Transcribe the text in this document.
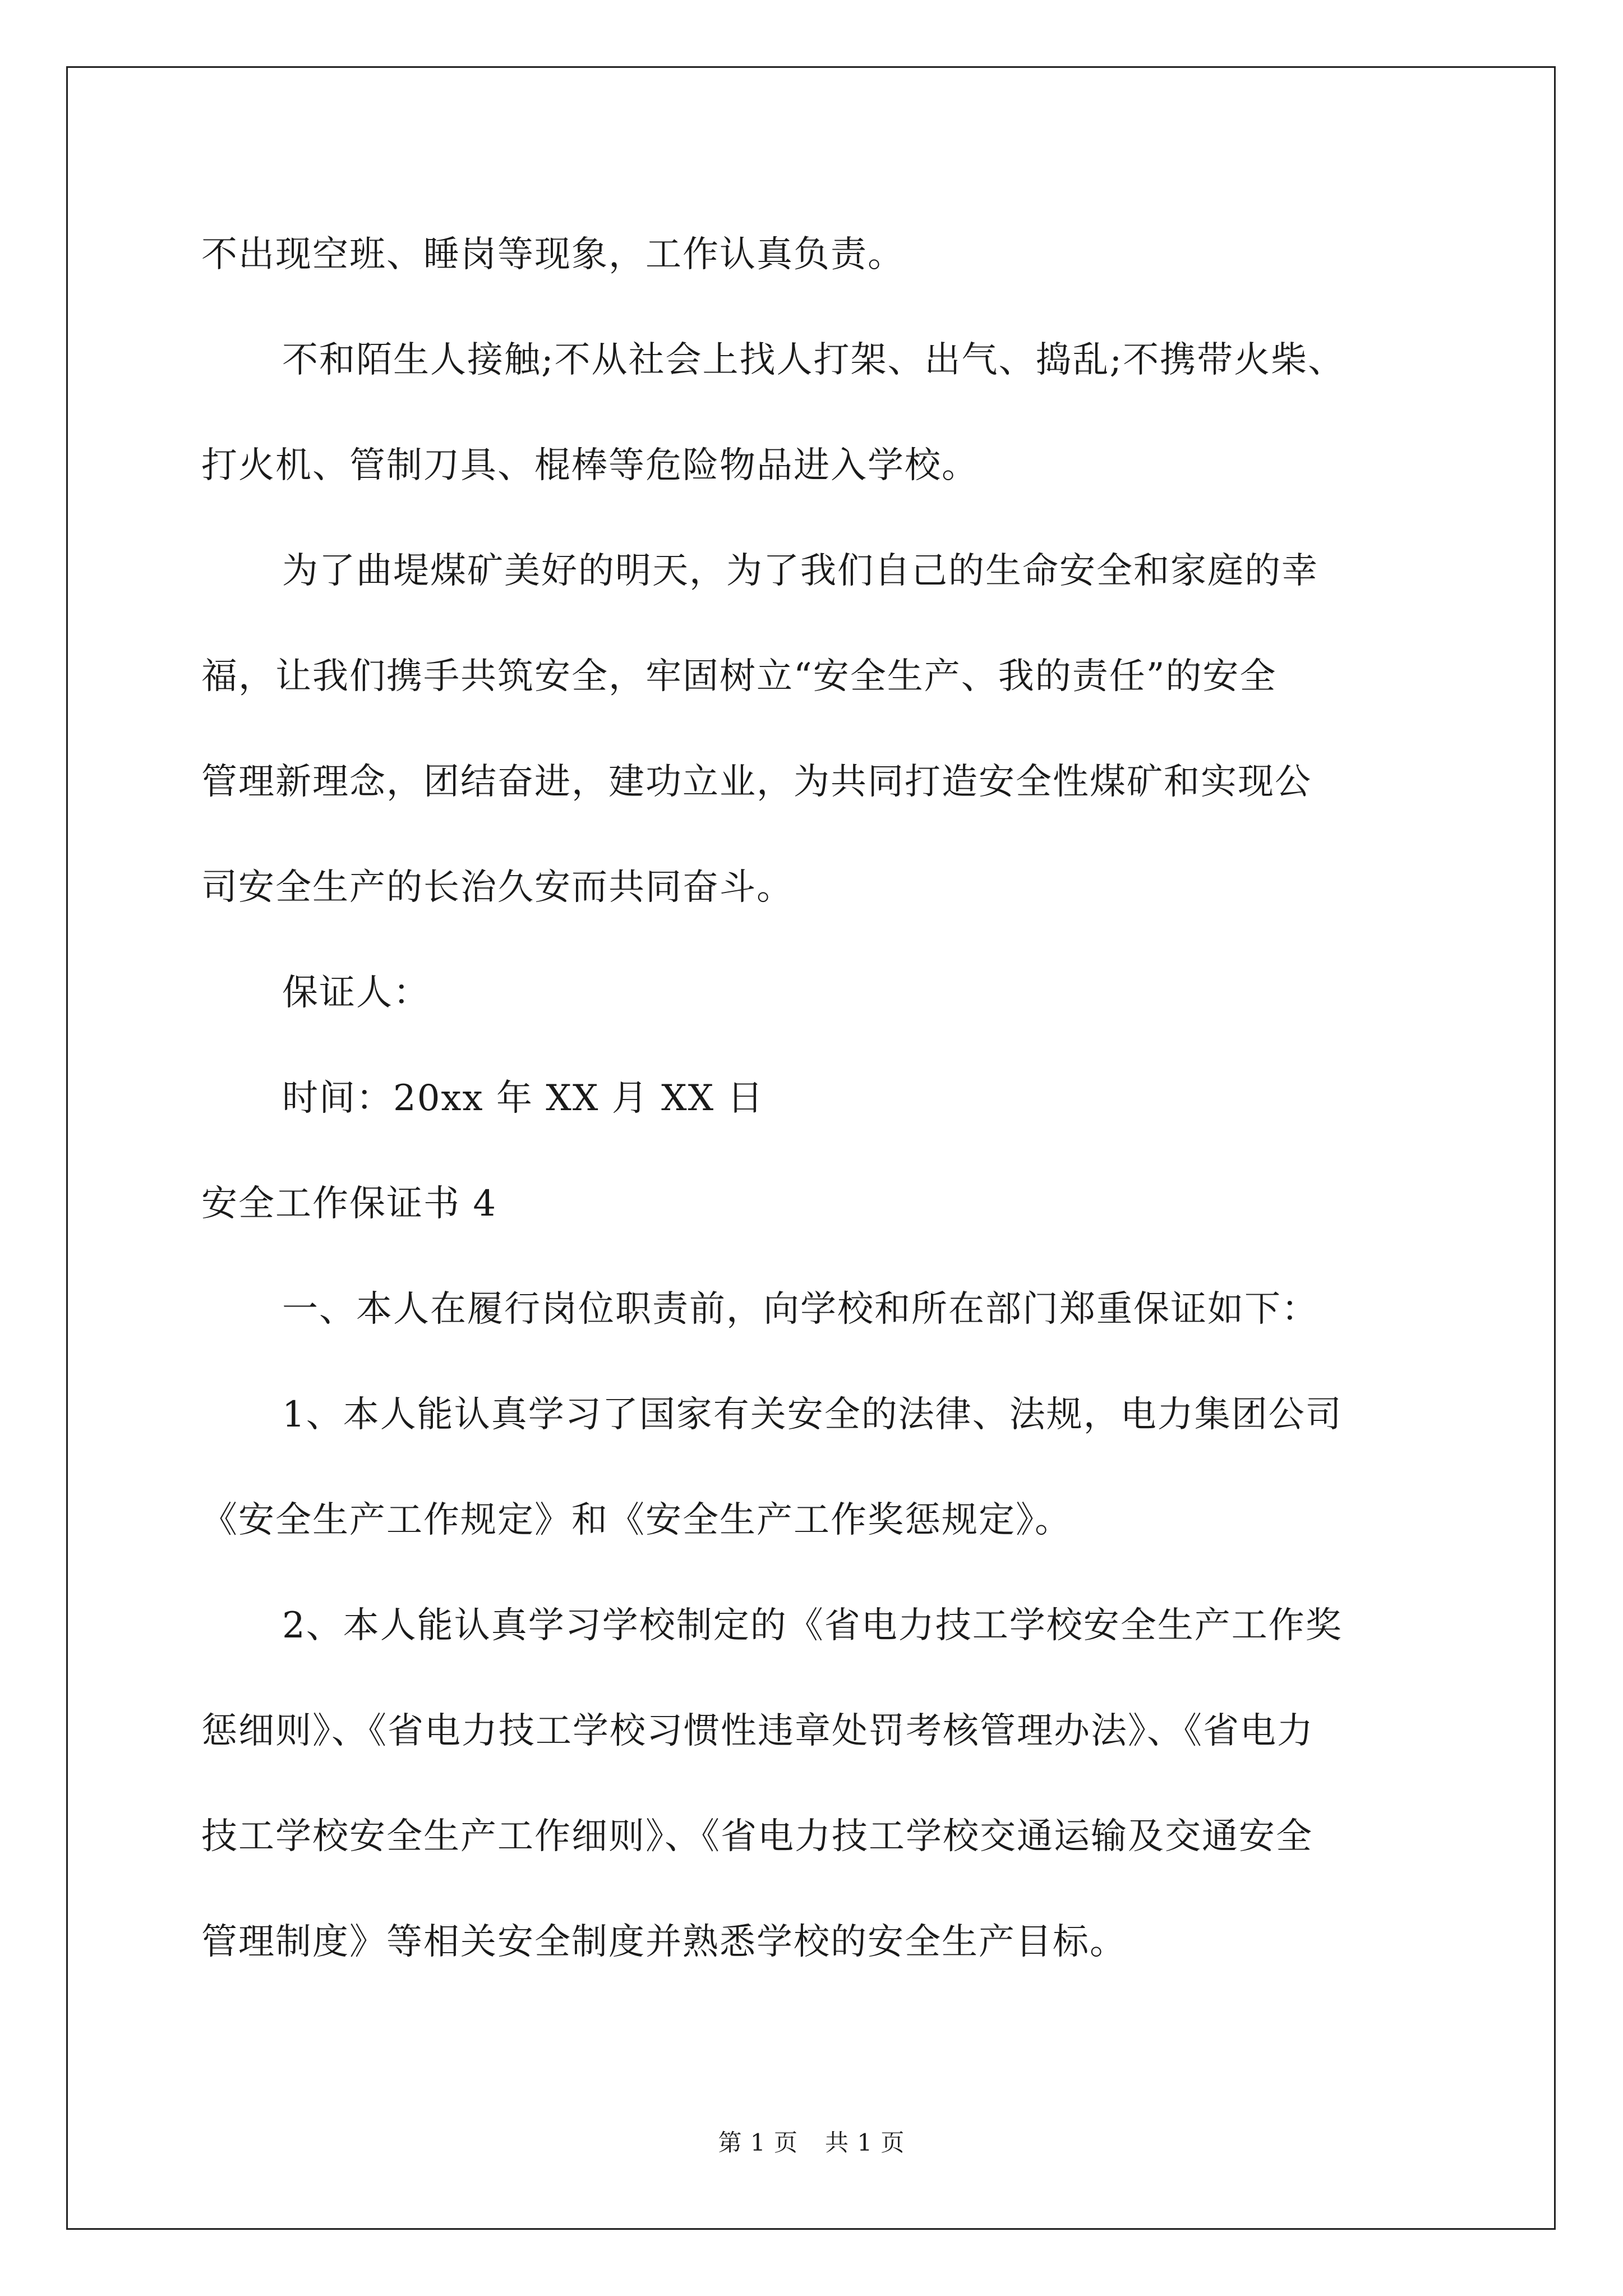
不出现空班、睡岗等现象，工作认真负责。
不和陌生人接触;不从社会上找人打架、出气、捣乱;不携带火柴、
打火机、管制刀具、棍棒等危险物品进入学校。
为了曲堤煤矿美好的明天，为了我们自己的生命安全和家庭的幸
福，让我们携手共筑安全，牢固树立“安全生产、我的责任”的安全
管理新理念，团结奋进，建功立业，为共同打造安全性煤矿和实现公
司安全生产的长治久安而共同奋斗。
保证人：
时间：20xx 年 XX 月 XX 日
安全工作保证书 4
一、本人在履行岗位职责前，向学校和所在部门郑重保证如下：
1、本人能认真学习了国家有关安全的法律、法规，电力集团公司
《安全生产工作规定》和《安全生产工作奖惩规定》。
2、本人能认真学习学校制定的《省电力技工学校安全生产工作奖
惩细则》、《省电力技工学校习惯性违章处罚考核管理办法》、《省电力
技工学校安全生产工作细则》、《省电力技工学校交通运输及交通安全
管理制度》等相关安全制度并熟悉学校的安全生产目标。
第 1 页 共 1 页
